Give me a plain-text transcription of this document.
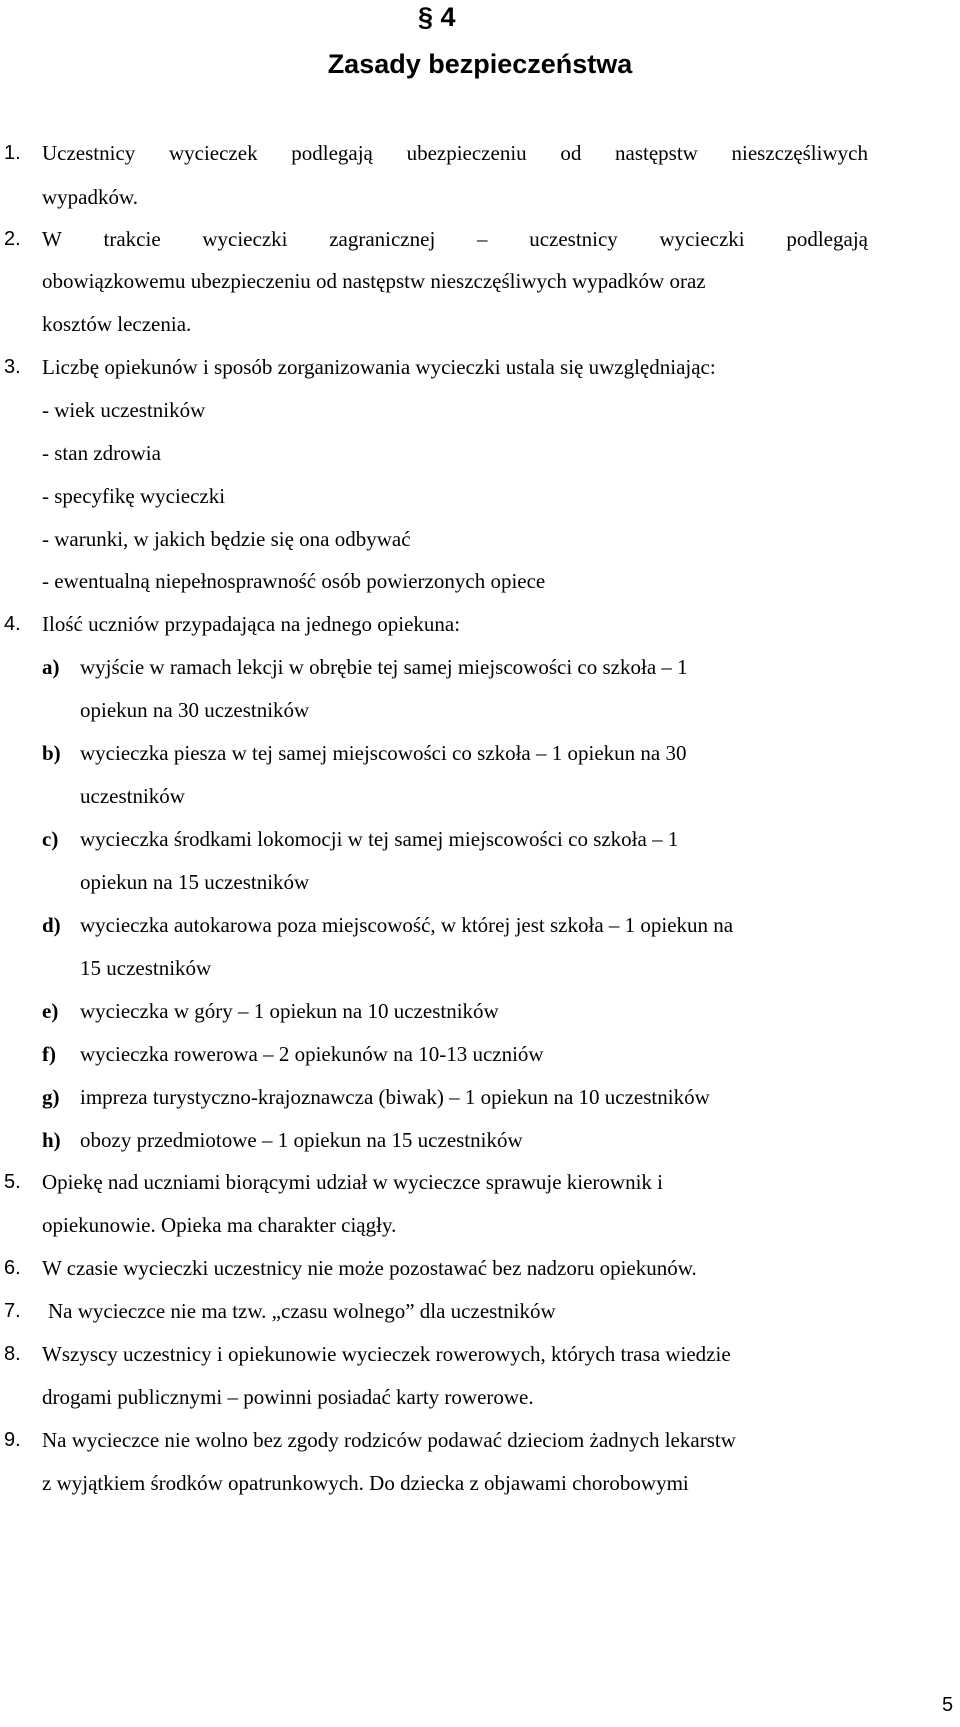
§ 4
Zasady bezpieczeństwa
1. Uczestnicy wycieczek podlegają ubezpieczeniu od następstw nieszczęśliwych
wypadków.
2. W trakcie wycieczki zagranicznej – uczestnicy wycieczki podlegają
obowiązkowemu ubezpieczeniu od następstw nieszczęśliwych wypadków oraz
kosztów leczenia.
3. Liczbę opiekunów i sposób zorganizowania wycieczki ustala się uwzględniając:
- wiek uczestników
- stan zdrowia
- specyfikę wycieczki
- warunki, w jakich będzie się ona odbywać
- ewentualną niepełnosprawność osób powierzonych opiece
4. Ilość uczniów przypadająca na jednego opiekuna:
a) wyjście w ramach lekcji w obrębie tej samej miejscowości co szkoła – 1
opiekun na 30 uczestników
b) wycieczka piesza w tej samej miejscowości co szkoła – 1 opiekun na 30
uczestników
c) wycieczka środkami lokomocji w tej samej miejscowości co szkoła – 1
opiekun na 15 uczestników
d) wycieczka autokarowa poza miejscowość, w której jest szkoła – 1 opiekun na
15 uczestników
e) wycieczka w góry – 1 opiekun na 10 uczestników
f) wycieczka rowerowa – 2 opiekunów na 10-13 uczniów
g) impreza turystyczno-krajoznawcza (biwak) – 1 opiekun na 10 uczestników
h) obozy przedmiotowe – 1 opiekun na 15 uczestników
5. Opiekę nad uczniami biorącymi udział w wycieczce sprawuje kierownik i
opiekunowie. Opieka ma charakter ciągły.
6. W czasie wycieczki uczestnicy nie może pozostawać bez nadzoru opiekunów.
7. Na wycieczce nie ma tzw. „czasu wolnego” dla uczestników
8. Wszyscy uczestnicy i opiekunowie wycieczek rowerowych, których trasa wiedzie
drogami publicznymi – powinni posiadać karty rowerowe.
9. Na wycieczce nie wolno bez zgody rodziców podawać dzieciom żadnych lekarstw
z wyjątkiem środków opatrunkowych. Do dziecka z objawami chorobowymi
5
